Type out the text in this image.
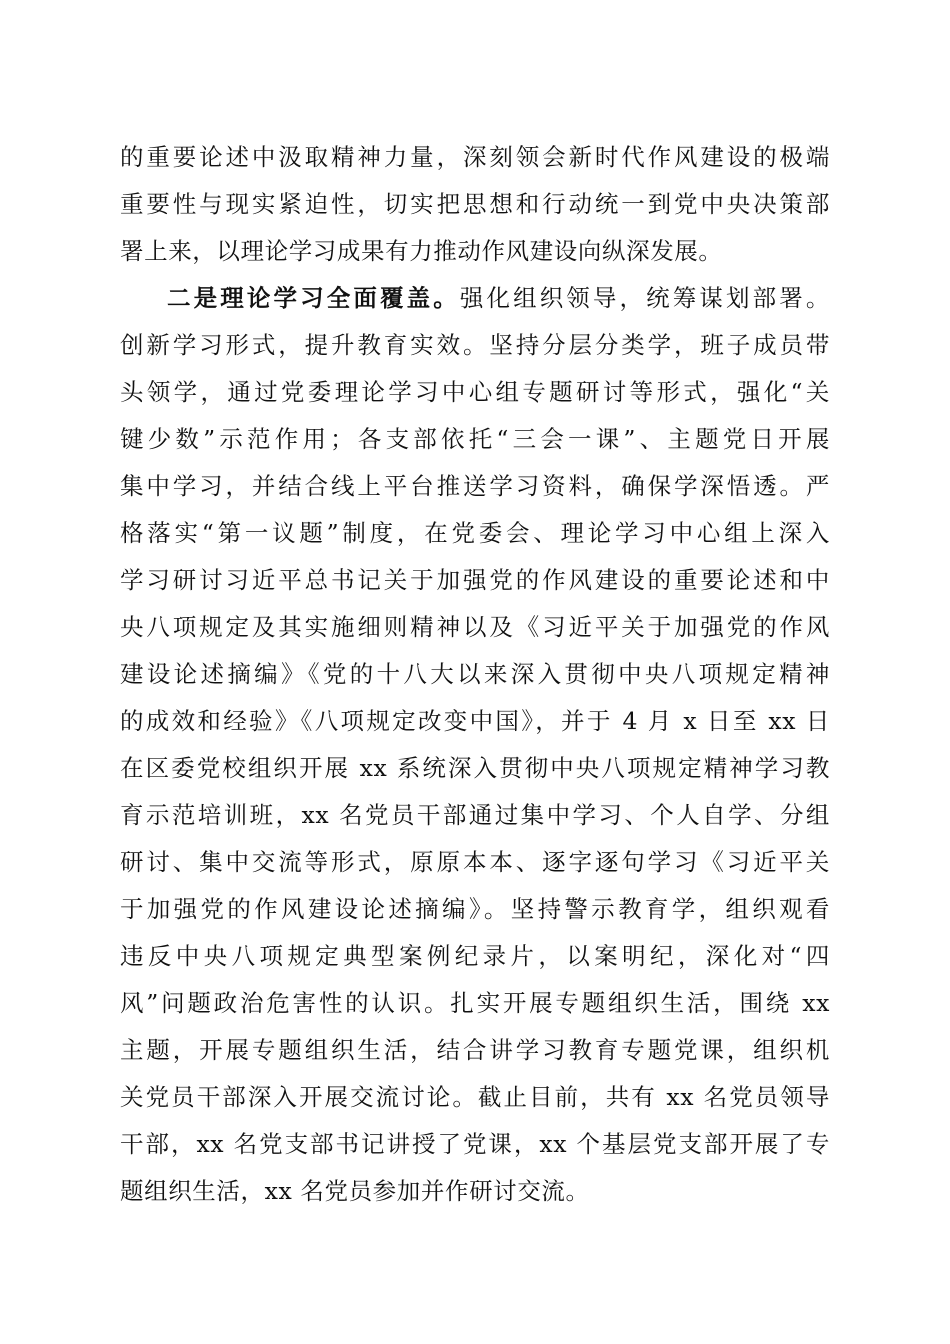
的重要论述中汲取精神力量，深刻领会新时代作风建设的极端
重要性与现实紧迫性，切实把思想和行动统一到党中央决策部
署上来，以理论学习成果有力推动作风建设向纵深发展。
二是理论学习全面覆盖。强化组织领导，统筹谋划部署。
创新学习形式，提升教育实效。坚持分层分类学，班子成员带
头领学，通过党委理论学习中心组专题研讨等形式，强化“关
键少数”示范作用；各支部依托“三会一课”、主题党日开展
集中学习，并结合线上平台推送学习资料，确保学深悟透。严
格落实“第一议题”制度，在党委会、理论学习中心组上深入
学习研讨习近平总书记关于加强党的作风建设的重要论述和中
央八项规定及其实施细则精神以及《习近平关于加强党的作风
建设论述摘编》《党的十八大以来深入贯彻中央八项规定精神
的成效和经验》《八项规定改变中国》，并于 4 月 x 日至 xx 日
在区委党校组织开展 xx 系统深入贯彻中央八项规定精神学习教
育示范培训班，xx 名党员干部通过集中学习、个人自学、分组
研讨、集中交流等形式，原原本本、逐字逐句学习《习近平关
于加强党的作风建设论述摘编》。坚持警示教育学，组织观看
违反中央八项规定典型案例纪录片，以案明纪，深化对“四
风”问题政治危害性的认识。扎实开展专题组织生活，围绕 xx
主题，开展专题组织生活，结合讲学习教育专题党课，组织机
关党员干部深入开展交流讨论。截止目前，共有 xx 名党员领导
干部，xx 名党支部书记讲授了党课，xx 个基层党支部开展了专
题组织生活，xx 名党员参加并作研讨交流。
